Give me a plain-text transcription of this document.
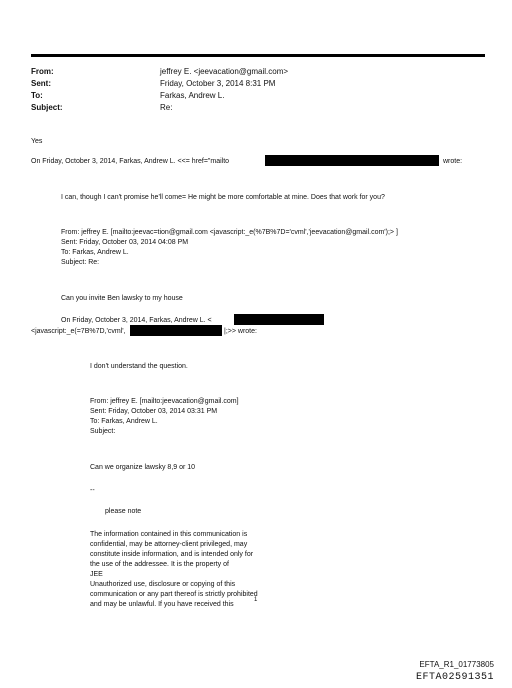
From:	jeffrey E. <jeevacation@gmail.com>
Sent:	Friday, October 3, 2014 8:31 PM
To:	Farkas, Andrew L.
Subject:	Re:
Yes
On Friday, October 3, 2014, Farkas, Andrew L. <<= href="mailto	wrote:
I can, though I can't promise he'll come= He might be more comfortable at mine. Does that work for you?
From: jeffrey E. [mailto:jeevac=tion@gmail.com <javascript:_e(%7B%7D='cvml','jeevacation@gmail.com');> ]
Sent: Friday, October 03, 2014 04:08 PM
To: Farkas, Andrew L.
Subject: Re:
Can you invite Ben lawsky to my house
On Friday, October 3, 2014, Farkas, Andrew L. <
<javascript:_e(=7B%7D,'cvml',	|;>> wrote:
I don't understand the question.
From: jeffrey E. [mailto:jeevacation@gmail.com]
Sent: Friday, October 03, 2014 03:31 PM
To: Farkas, Andrew L.
Subject:
Can we organize lawsky 8,9 or 10
--
please note
The information contained in this communication is
confidential, may be attorney-client privileged, may
constitute inside information, and is intended only for
the use of the addressee. It is the property of
JEE
Unauthorized use, disclosure or copying of this
communication or any part thereof is strictly prohibited
and may be unlawful. If you have received this
1
EFTA_R1_01773805
EFTA02591351
